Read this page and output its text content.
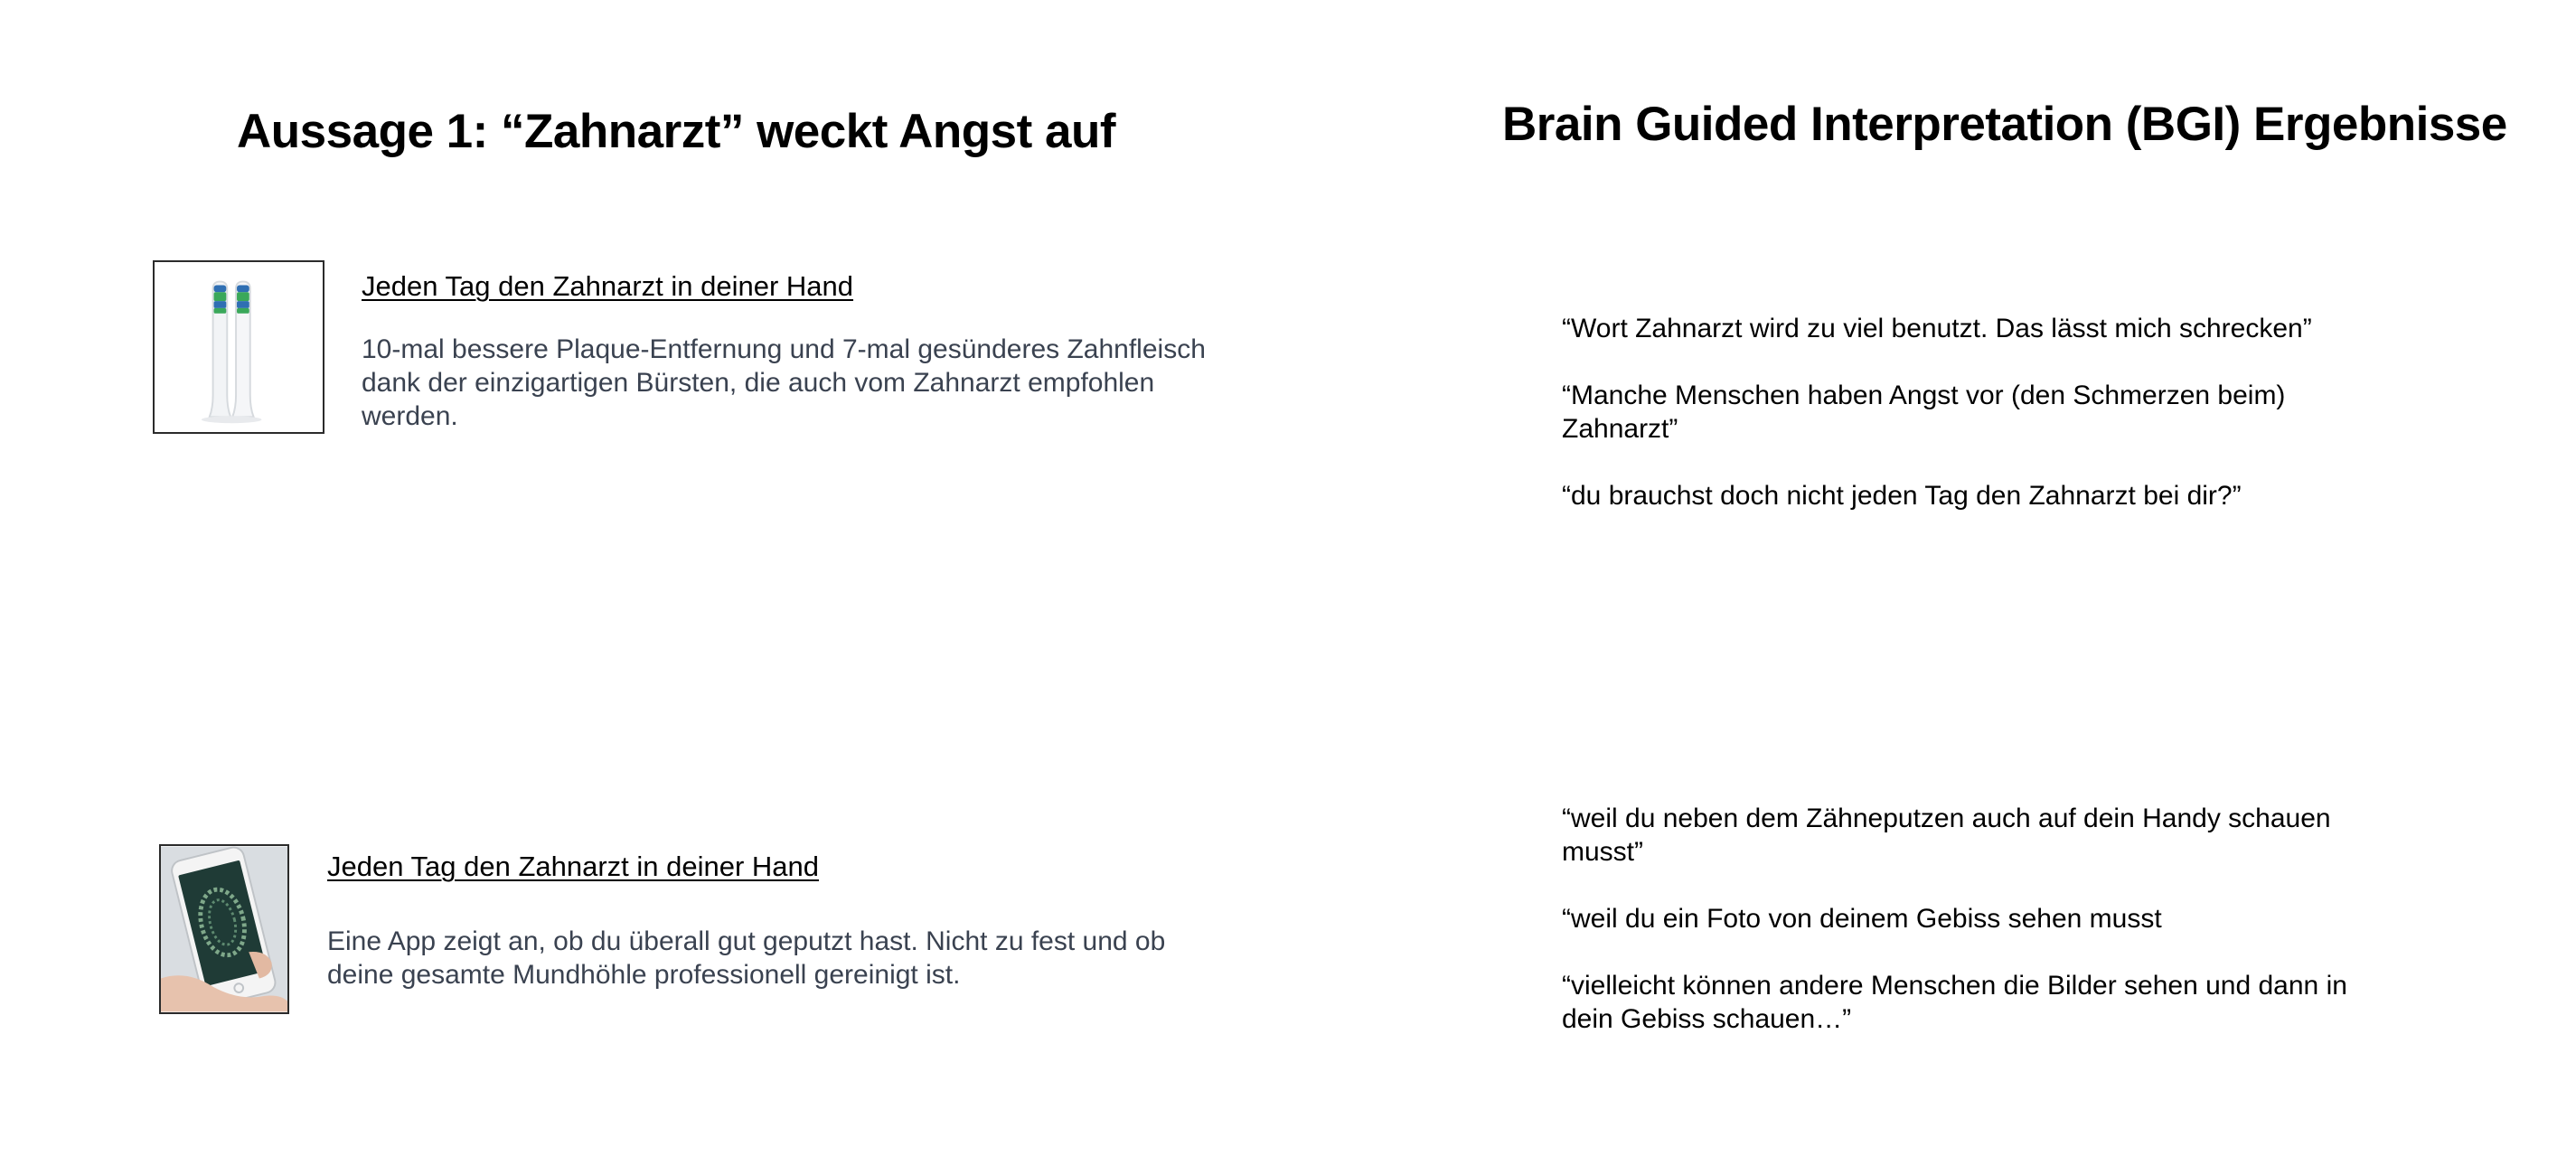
Aussage 1: “Zahnarzt” weckt Angst auf	Brain Guided Interpretation (BGI) Ergebnisse

Jeden Tag den Zahnarzt in deiner Hand

10-mal bessere Plaque-Entfernung und 7-mal gesünderes Zahnfleisch dank der einzigartigen Bürsten, die auch vom Zahnarzt empfohlen werden.

Jeden Tag den Zahnarzt in deiner Hand

Eine App zeigt an, ob du überall gut geputzt hast. Nicht zu fest und ob deine gesamte Mundhöhle professionell gereinigt ist.

“Wort Zahnarzt wird zu viel benutzt. Das lässt mich schrecken”

“Manche Menschen haben Angst vor (den Schmerzen beim) Zahnarzt”

“du brauchst doch nicht jeden Tag den Zahnarzt bei dir?”

“weil du neben dem Zähneputzen auch auf dein Handy schauen musst”

“weil du ein Foto von deinem Gebiss sehen musst

“vielleicht können andere Menschen die Bilder sehen und dann in dein Gebiss schauen…”
